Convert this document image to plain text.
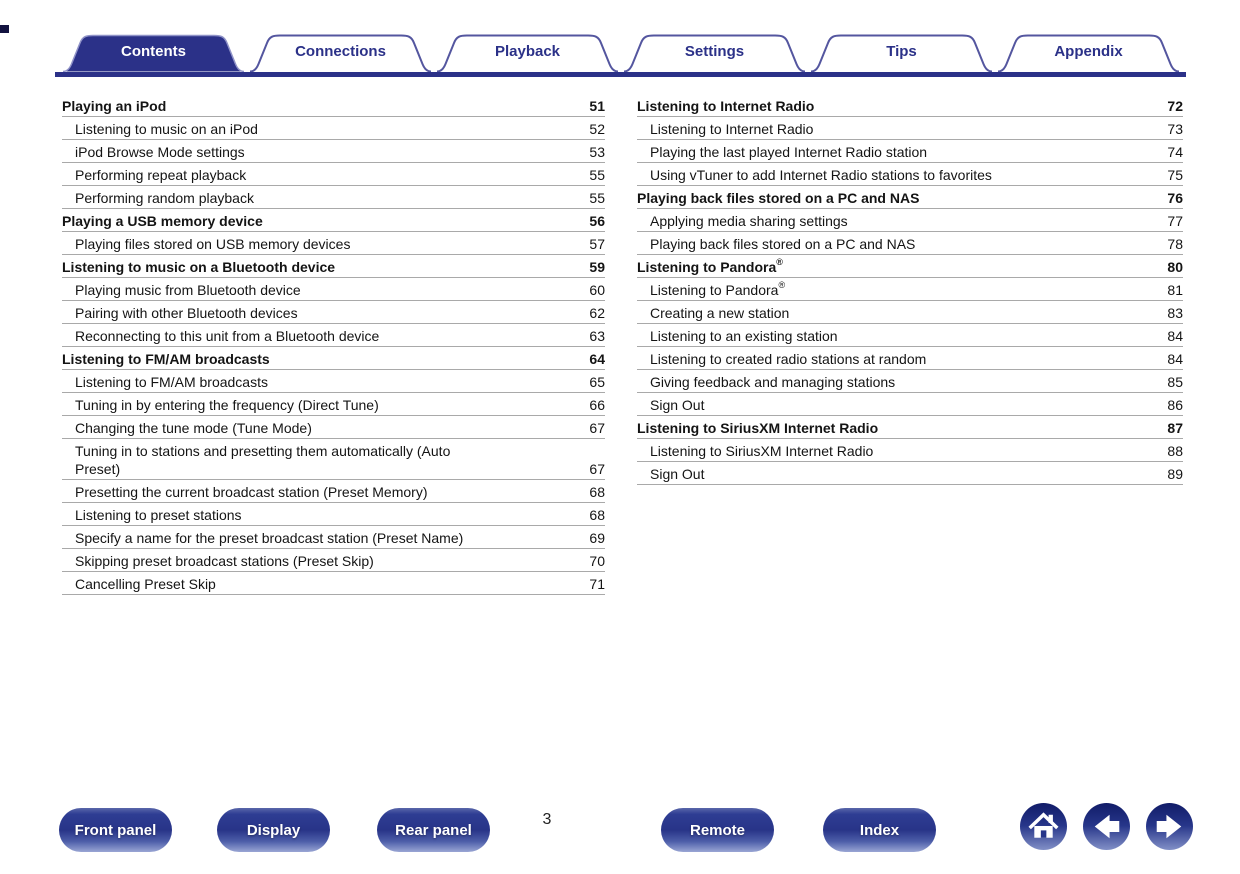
Contents	Connections	Playback	Settings	Tips	Appendix
Playing an iPod	51
Listening to music on an iPod	52
iPod Browse Mode settings	53
Performing repeat playback	55
Performing random playback	55
Playing a USB memory device	56
Playing files stored on USB memory devices	57
Listening to music on a Bluetooth device	59
Playing music from Bluetooth device	60
Pairing with other Bluetooth devices	62
Reconnecting to this unit from a Bluetooth device	63
Listening to FM/AM broadcasts	64
Listening to FM/AM broadcasts	65
Tuning in by entering the frequency (Direct Tune)	66
Changing the tune mode (Tune Mode)	67
Tuning in to stations and presetting them automatically (Auto Preset)	67
Presetting the current broadcast station (Preset Memory)	68
Listening to preset stations	68
Specify a name for the preset broadcast station (Preset Name)	69
Skipping preset broadcast stations (Preset Skip)	70
Cancelling Preset Skip	71
Listening to Internet Radio	72
Listening to Internet Radio	73
Playing the last played Internet Radio station	74
Using vTuner to add Internet Radio stations to favorites	75
Playing back files stored on a PC and NAS	76
Applying media sharing settings	77
Playing back files stored on a PC and NAS	78
Listening to Pandora®	80
Listening to Pandora®	81
Creating a new station	83
Listening to an existing station	84
Listening to created radio stations at random	84
Giving feedback and managing stations	85
Sign Out	86
Listening to SiriusXM Internet Radio	87
Listening to SiriusXM Internet Radio	88
Sign Out	89
Front panel	Display	Rear panel	Remote	Index
3
